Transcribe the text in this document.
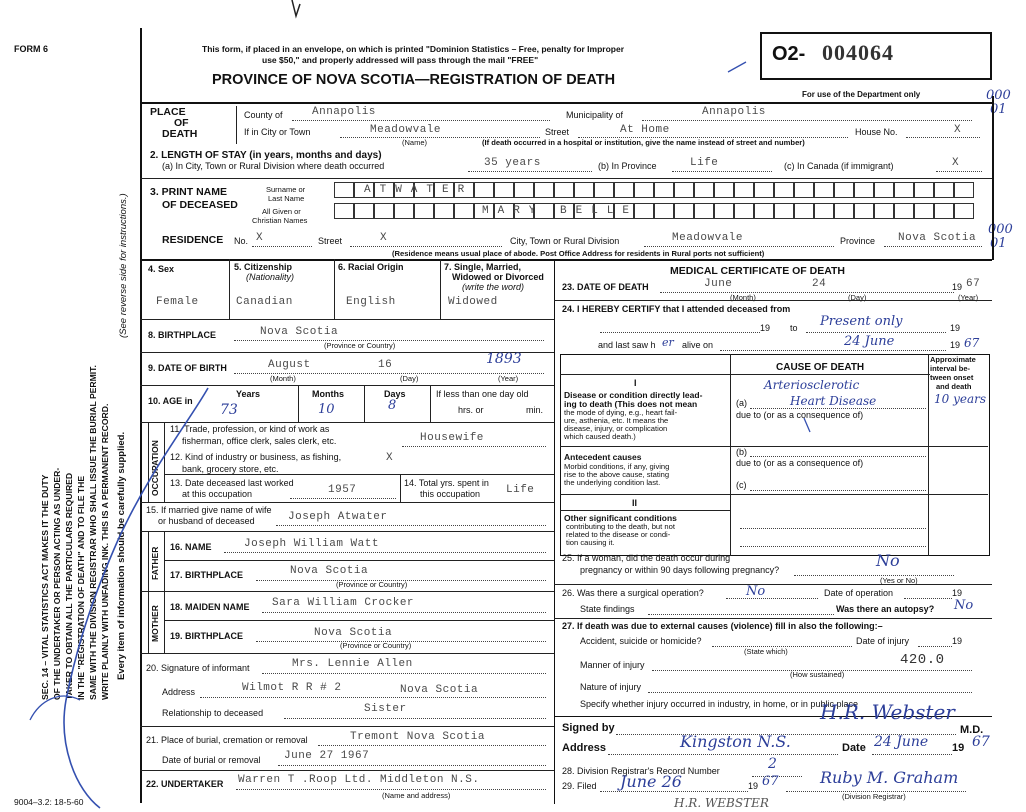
FORM 6	This form, if placed in an envelope, on which is printed "Dominion Statistics – Free, penalty for Improper
use $50," and properly addressed will pass through the mail "FREE"
PROVINCE OF NOVA SCOTIA—REGISTRATION OF DEATH
O2- 004064
For use of the Department only	000
01
000
01
SEC. 14 – VITAL STATISTICS ACT MAKES IT THE DUTY OF THE UNDERTAKER OR PERSON ACTING AS UNDER- TAKER TO OBTAIN ALL THE PARTICULARS REQUIRED IN THE "REGISTRATION OF DEATH" AND TO FILE THE SAME WITH THE DIVISION REGISTRAR WHO SHALL ISSUE THE BURIAL PERMIT. WRITE PLAINLY WITH UNFADING INK. THIS IS A PERMANENT RECORD. Every item of information should be carefully supplied.
(See reverse side for instructions.)
PLACE
OF
DEATH
County of	Annapolis	Municipality of	Annapolis
If in City or Town	Meadowvale
(Name)
Street	At Home	House No.	X
(If death occurred in a hospital or institution, give the name instead of street and number)
2. LENGTH OF STAY (in years, months and days)
(a) In City, Town or Rural Division where death occurred	35 years	(b) In Province	Life	(c) In Canada (if immigrant)	X
3. PRINT NAME
OF DECEASED
Surname or
Last Name
All Given or
Christian Names
ATWATER
MARY BELLE
RESIDENCE No. X	Street	X	City, Town or Rural Division	Meadowvale	Province Nova Scotia
(Residence means usual place of abode. Post Office Address for residents in Rural ports not sufficient)
4. Sex	5. Citizenship
(Nationality)
6. Racial Origin	7. Single, Married,
Widowed or Divorced
(write the word)
Female	Canadian	English	Widowed
8. BIRTHPLACE	Nova Scotia
(Province or Country)
9. DATE OF BIRTH	August	16	1893
(Month)	(Day)	(Year)
10. AGE in
Years	Months	Days
73	10	8
If less than one day old
hrs. or	min.
OCCUPATION
11. Trade, profession, or kind of work as
fisherman, office clerk, sales clerk, etc.	Housewife
12. Kind of industry or business, as fishing,
bank, grocery store, etc.
X
13. Date deceased last worked
at this occupation	1957
14. Total yrs. spent in
this occupation Life
15. If married give name of wife
or husband of deceased	Joseph Atwater
FATHER 16. NAME	Joseph William Watt
17. BIRTHPLACE	Nova Scotia
(Province or Country)
MOTHER 18. MAIDEN NAME Sara William Crocker
19. BIRTHPLACE	Nova Scotia
(Province or Country)
20. Signature of informant	Mrs. Lennie Allen
Address	Wilmot R R # 2	Nova Scotia
Relationship to deceased	Sister
21. Place of burial, cremation or removal	Tremont Nova Scotia
Date of burial or removal June 27 1967
22. UNDERTAKER Warren T .Roop Ltd. Middleton N.S.
(Name and address)
MEDICAL CERTIFICATE OF DEATH
23. DATE OF DEATH	June	24	19 67
(Month)	(Day)	(Year)
24. I HEREBY CERTIFY that I attended deceased from
19 to Present only	19
and last saw h er alive on	24 June	19 67
CAUSE OF DEATH
Approximate
interval be-
tween onset
and death
I
Disease or condition directly lead-
ing to death (This does not mean
the mode of dying, e.g., heart fail-
ure, asthenia, etc. It means the
disease, injury, or complication
which caused death.)
(a)
Arteriosclerotic
Heart Disease	10 years
due to (or as a consequence of)
Antecedent causes
Morbid conditions, if any, giving
rise to the above cause, stating
the underlying condition last.
(b)
due to (or as a consequence of)
(c)
II
Other significant conditions
contributing to the death, but not
related to the disease or condi-
tion causing it.
25. If a woman, did the death occur during
pregnancy or within 90 days following pregnancy?	No
(Yes or No)
26. Was there a surgical operation?	No	Date of operation	19
State findings	Was there an autopsy? No
27. If death was due to external causes (violence) fill in also the following:–
Accident, suicide or homicide?	Date of injury	19
(State which)
Manner of injury	420.0
(How sustained)
Nature of injury
Specify whether injury occurred in industry, in home, or in public place
Signed by
H.R. Webster
M.D.
Address	Kingston N.S.	Date 24 June 19 67
28. Division Registrar's Record Number	2
29. Filed June 26	19 67	Ruby M. Graham
(Division Registrar)
H.R. WEBSTER
9004–3.2: 18-5-60
